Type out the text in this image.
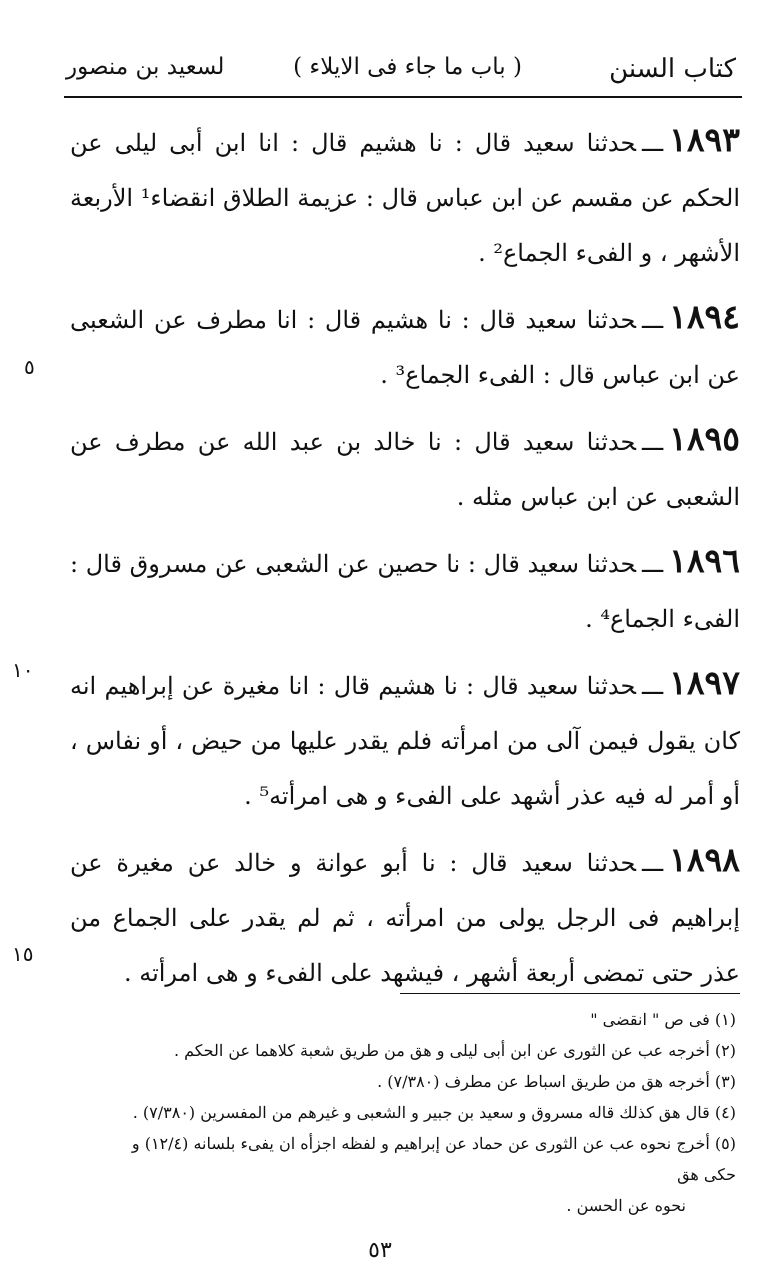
كتاب السنن
( باب ما جاء فى الايلاء )
لسعيد بن منصور

١٨٩٣ـــحدثنا سعيد قال : نا هشيم قال : انا ابن أبى ليلى عن الحكم عن مقسم عن ابن عباس قال : عزيمة الطلاق انقضاء¹ الأربعة الأشهر ، و الفىء الجماع² .

١٨٩٤ـــحدثنا سعيد قال : نا هشيم قال : انا مطرف عن الشعبى عن ابن عباس قال : الفىء الجماع³ .

١٨٩٥ـــحدثنا سعيد قال : نا خالد بن عبد الله عن مطرف عن الشعبى عن ابن عباس مثله .

١٨٩٦ـــحدثنا سعيد قال : نا حصين عن الشعبى عن مسروق قال : الفىء الجماع⁴ .

١٨٩٧ـــحدثنا سعيد قال : نا هشيم قال : انا مغيرة عن إبراهيم انه كان يقول فيمن آلى من امرأته فلم يقدر عليها من حيض ، أو نفاس ، أو أمر له فيه عذر أشهد على الفىء و هى امرأته⁵ .

١٨٩٨ـــحدثنا سعيد قال : نا أبو عوانة و خالد عن مغيرة عن إبراهيم فى الرجل يولى من امرأته ، ثم لم يقدر على الجماع من عذر حتى تمضى أربعة أشهر ، فيشهد على الفىء و هى امرأته .

٥
١٠
١٥

(١) فى ص " انقضى "

(٢) أخرجه عب عن الثورى عن ابن أبى ليلى و هق من طريق شعبة كلاهما عن الحكم .

(٣) أخرجه هق من طريق اسباط عن مطرف (٧/٣٨٠) .

(٤) قال هق كذلك قاله مسروق و سعيد بن جبير و الشعبى و غيرهم من المفسرين (٧/٣٨٠) .

(٥) أخرج نحوه عب عن الثورى عن حماد عن إبراهيم و لفظه اجزأه ان يفىء بلسانه (١٢/٤) و حكى هق

نحوه عن الحسن .

٥٣
